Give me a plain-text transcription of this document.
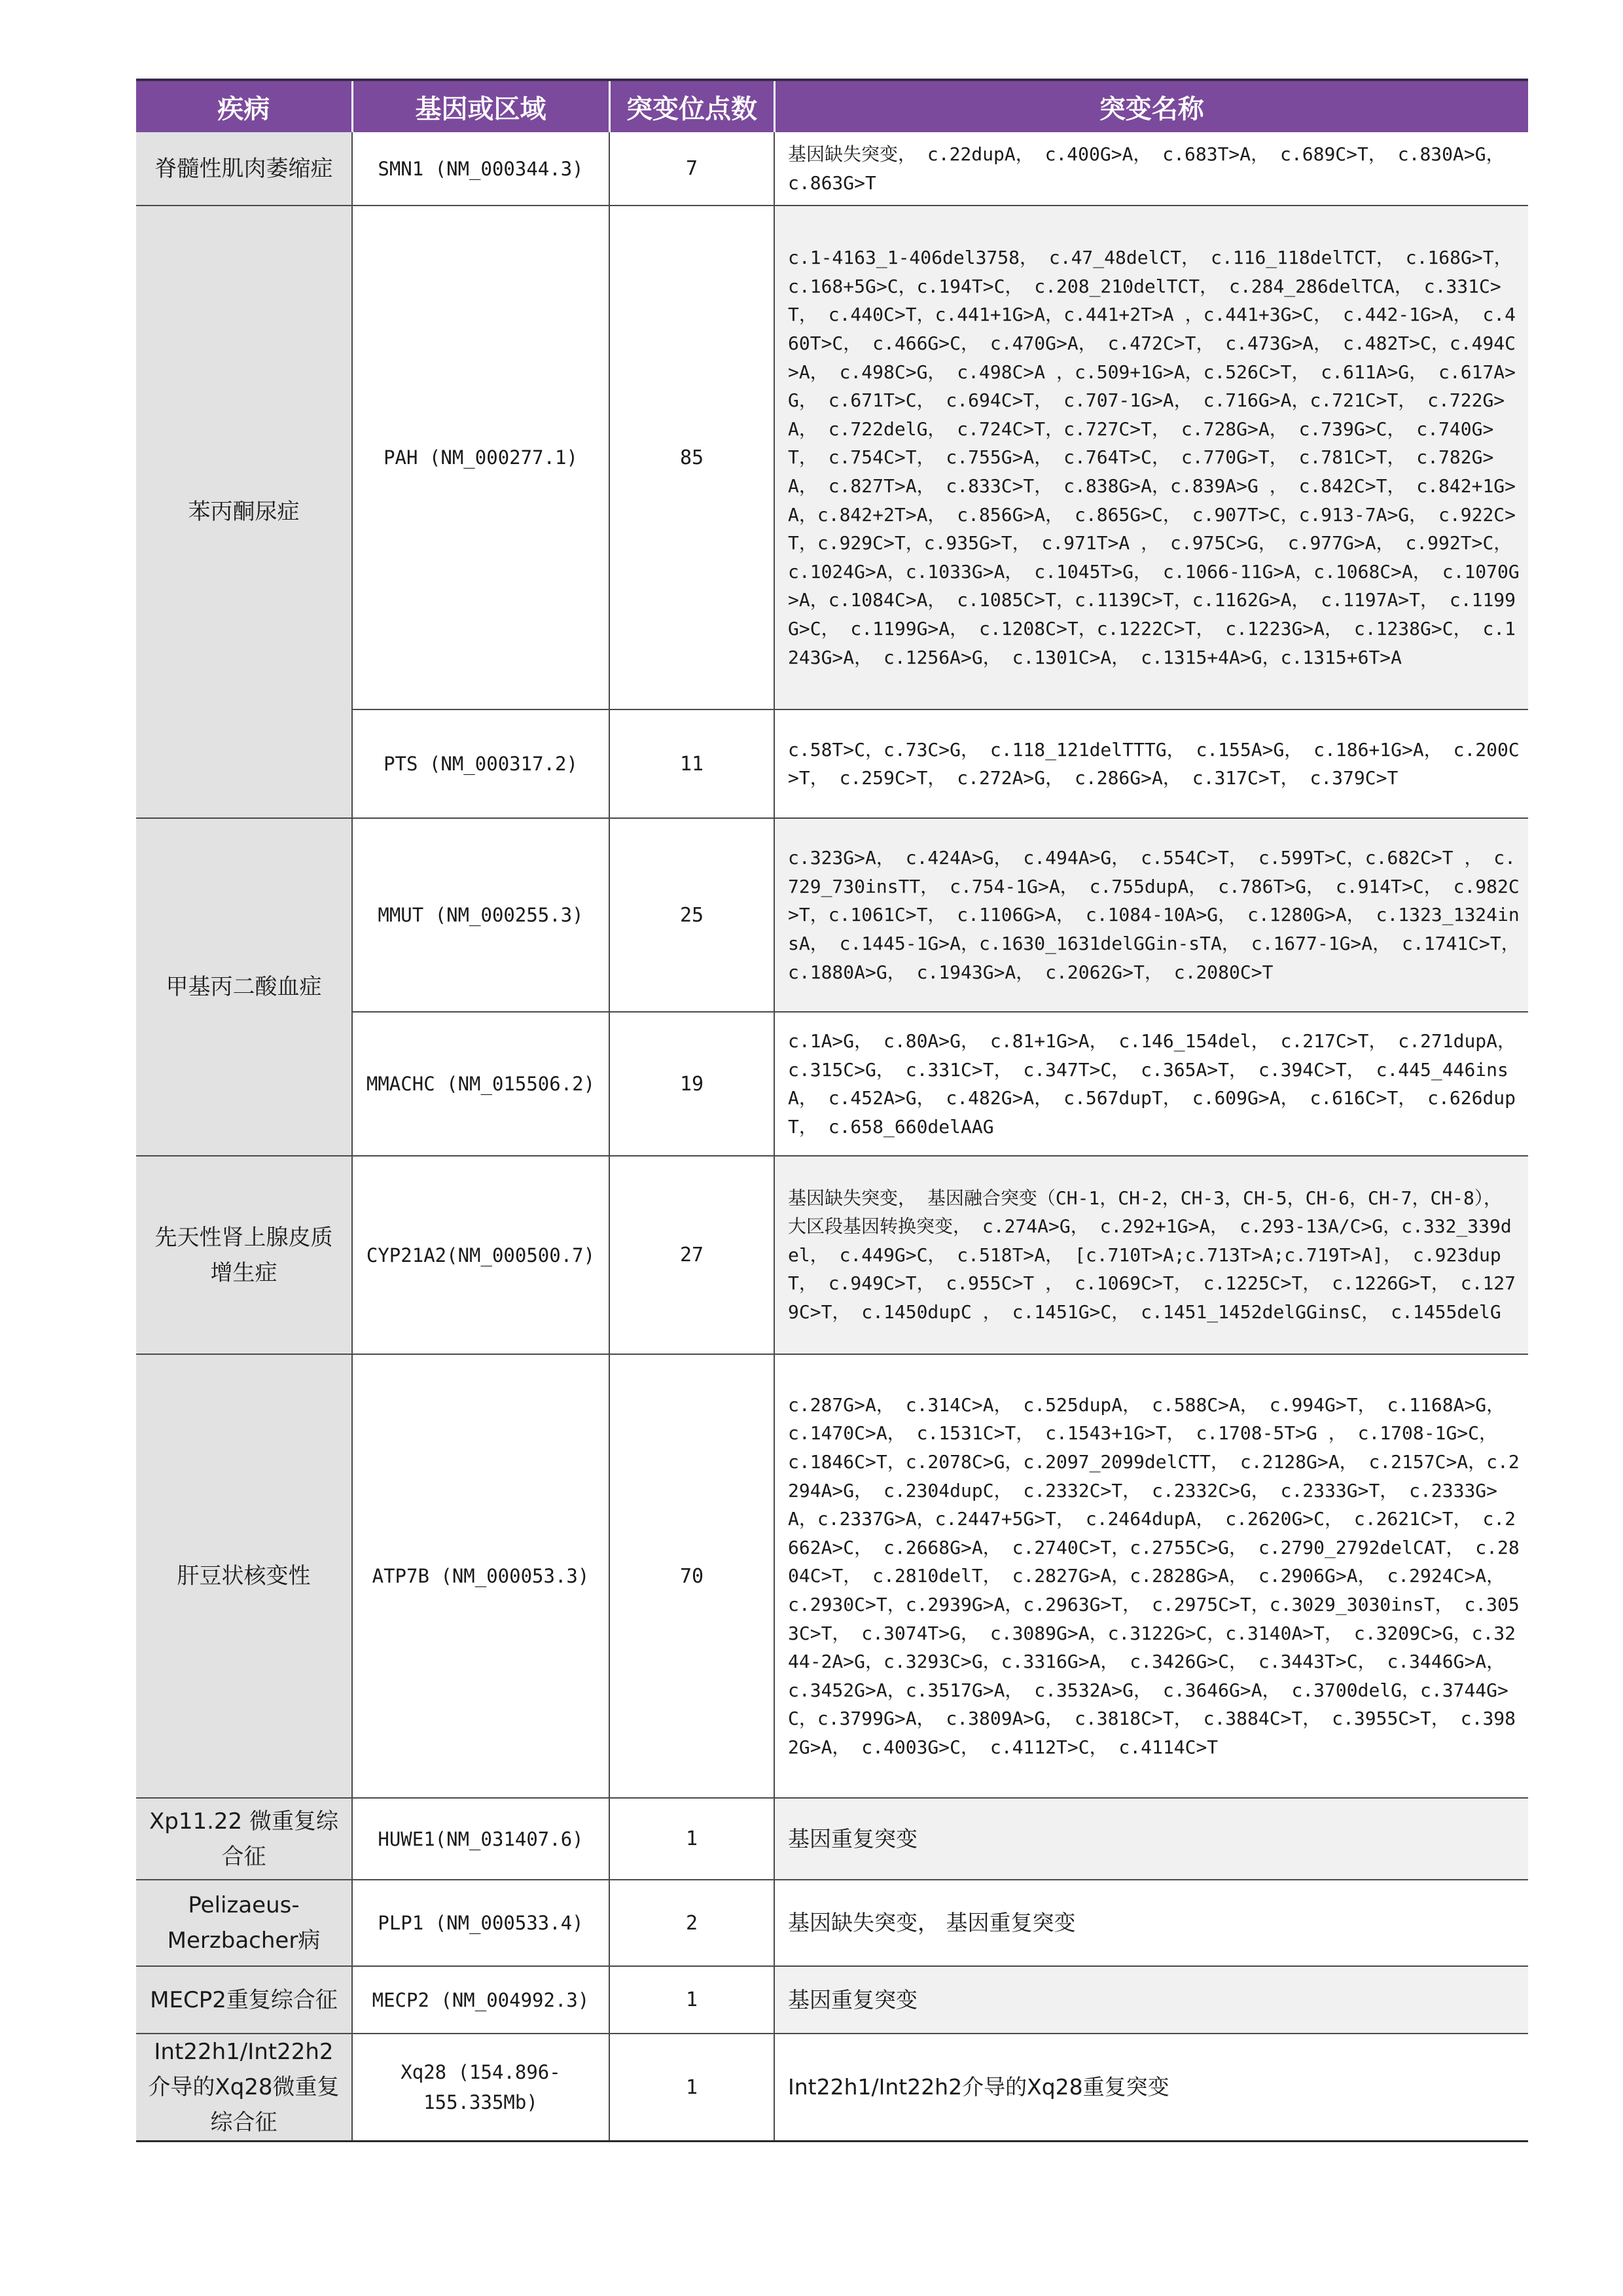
疾病	基因或区域	突变位点数	突变名称
脊髓性肌肉萎缩症	SMN1 (NM_000344.3)	7	基因缺失突变， c.22dupA， c.400G>A， c.683T>A， c.689C>T， c.830A>G， c.863G>T
苯丙酮尿症	PAH (NM_000277.1)	85	c.1-4163_1-406del3758， c.47_48delCT， c.116_118delTCT， c.168G>T， c.168+5G>C，c.194T>C， c.208_210delTCT， c.284_286delTCA， c.331C>T， c.440C>T，c.441+1G>A，c.441+2T>A ，c.441+3G>C， c.442-1G>A， c.460T>C， c.466G>C， c.470G>A， c.472C>T， c.473G>A， c.482T>C，c.494C>A， c.498C>G， c.498C>A ，c.509+1G>A，c.526C>T， c.611A>G， c.617A>G， c.671T>C， c.694C>T， c.707-1G>A， c.716G>A，c.721C>T， c.722G>A， c.722delG， c.724C>T，c.727C>T， c.728G>A， c.739G>C， c.740G>T， c.754C>T， c.755G>A， c.764T>C， c.770G>T， c.781C>T， c.782G>A， c.827T>A， c.833C>T， c.838G>A，c.839A>G ， c.842C>T， c.842+1G>A，c.842+2T>A， c.856G>A， c.865G>C， c.907T>C，c.913-7A>G， c.922C>T，c.929C>T，c.935G>T， c.971T>A ， c.975C>G， c.977G>A， c.992T>C，c.1024G>A，c.1033G>A， c.1045T>G， c.1066-11G>A，c.1068C>A， c.1070G>A，c.1084C>A， c.1085C>T，c.1139C>T，c.1162G>A， c.1197A>T， c.1199G>C， c.1199G>A， c.1208C>T，c.1222C>T， c.1223G>A， c.1238G>C， c.1243G>A， c.1256A>G， c.1301C>A， c.1315+4A>G，c.1315+6T>A
	PTS (NM_000317.2)	11	c.58T>C，c.73C>G， c.118_121delTTTG， c.155A>G， c.186+1G>A， c.200C>T， c.259C>T， c.272A>G， c.286G>A， c.317C>T， c.379C>T
甲基丙二酸血症	MMUT (NM_000255.3)	25	c.323G>A， c.424A>G， c.494A>G， c.554C>T， c.599T>C，c.682C>T ， c.729_730insTT， c.754-1G>A， c.755dupA， c.786T>G， c.914T>C， c.982C>T，c.1061C>T， c.1106G>A， c.1084-10A>G， c.1280G>A， c.1323_1324insA， c.1445-1G>A，c.1630_1631delGGin-sTA， c.1677-1G>A， c.1741C>T， c.1880A>G， c.1943G>A， c.2062G>T， c.2080C>T
	MMACHC (NM_015506.2)	19	c.1A>G， c.80A>G， c.81+1G>A， c.146_154del， c.217C>T， c.271dupA， c.315C>G， c.331C>T， c.347T>C， c.365A>T， c.394C>T， c.445_446insA， c.452A>G， c.482G>A， c.567dupT， c.609G>A， c.616C>T， c.626dupT， c.658_660delAAG
先天性肾上腺皮质增生症	CYP21A2(NM_000500.7)	27	基因缺失突变， 基因融合突变（CH-1，CH-2，CH-3，CH-5，CH-6，CH-7，CH-8）， 大区段基因转换突变， c.274A>G， c.292+1G>A， c.293-13A/C>G，c.332_339del， c.449G>C， c.518T>A， [c.710T>A;c.713T>A;c.719T>A]， c.923dupT， c.949C>T， c.955C>T ， c.1069C>T， c.1225C>T， c.1226G>T， c.1279C>T， c.1450dupC ， c.1451G>C， c.1451_1452delGGinsC， c.1455delG
肝豆状核变性	ATP7B (NM_000053.3)	70	c.287G>A， c.314C>A， c.525dupA， c.588C>A， c.994G>T， c.1168A>G， c.1470C>A， c.1531C>T， c.1543+1G>T， c.1708-5T>G ， c.1708-1G>C， c.1846C>T，c.2078C>G，c.2097_2099delCTT， c.2128G>A， c.2157C>A，c.2294A>G， c.2304dupC， c.2332C>T， c.2332C>G， c.2333G>T， c.2333G>A，c.2337G>A，c.2447+5G>T， c.2464dupA， c.2620G>C， c.2621C>T， c.2662A>C， c.2668G>A， c.2740C>T，c.2755C>G， c.2790_2792delCAT， c.2804C>T， c.2810delT， c.2827G>A，c.2828G>A， c.2906G>A， c.2924C>A， c.2930C>T，c.2939G>A，c.2963G>T， c.2975C>T，c.3029_3030insT， c.3053C>T， c.3074T>G， c.3089G>A，c.3122G>C，c.3140A>T， c.3209C>G，c.3244-2A>G，c.3293C>G，c.3316G>A， c.3426G>C， c.3443T>C， c.3446G>A，c.3452G>A，c.3517G>A， c.3532A>G， c.3646G>A， c.3700delG，c.3744G>C，c.3799G>A， c.3809A>G， c.3818C>T， c.3884C>T， c.3955C>T， c.3982G>A， c.4003G>C， c.4112T>C， c.4114C>T
Xp11.22 微重复综合征	HUWE1(NM_031407.6)	1	基因重复突变
Pelizaeus-Merzbacher病	PLP1 (NM_000533.4)	2	基因缺失突变， 基因重复突变
MECP2重复综合征	MECP2 (NM_004992.3)	1	基因重复突变
Int22h1/Int22h2介导的Xq28微重复综合征	Xq28 (154.896-155.335Mb)	1	Int22h1/Int22h2介导的Xq28重复突变
